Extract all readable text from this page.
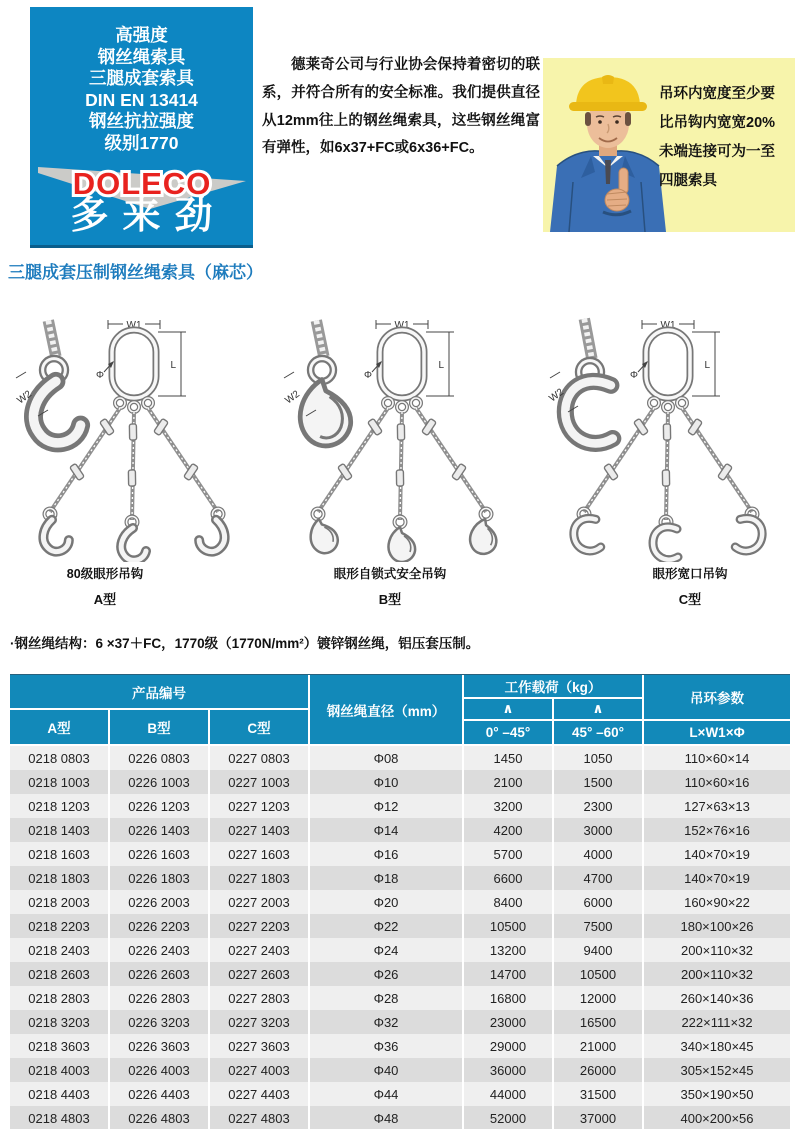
高强度
钢丝绳索具
三腿成套索具
DIN EN 13414
钢丝抗拉强度
级别1770
DOLECO
多来劲

德莱奇公司与行业协会保持着密切的联系，并符合所有的安全标准。我们提供直径从12mm往上的钢丝绳索具，这些钢丝绳富有弹性，如6x37+FC或6x36+FC。

吊环内宽度至少要
比吊钩内宽宽20%
未端连接可为一至
四腿索具
三腿成套压制钢丝绳索具（麻芯）
W2
W1
L
Φ
W2
W1
L
Φ
W2
W1
L
Φ
80级眼形吊钩
A型
眼形自锁式安全吊钩
B型
眼形宽口吊钩
C型

·钢丝绳结构：6 ×37＋FC，1770级（1770N/mm²）镀锌钢丝绳，铝压套压制。

产品编号
A型	B型	C型
钢丝绳直径（mm）
工作载荷（kg）
∧	∧
0° –45°	45° –60°
吊环参数
L×W1×Φ
0218 0803	0226 0803	0227 0803	Φ08	1450	1050	110×60×14
0218 1003	0226 1003	0227 1003	Φ10	2100	1500	110×60×16
0218 1203	0226 1203	0227 1203	Φ12	3200	2300	127×63×13
0218 1403	0226 1403	0227 1403	Φ14	4200	3000	152×76×16
0218 1603	0226 1603	0227 1603	Φ16	5700	4000	140×70×19
0218 1803	0226 1803	0227 1803	Φ18	6600	4700	140×70×19
0218 2003	0226 2003	0227 2003	Φ20	8400	6000	160×90×22
0218 2203	0226 2203	0227 2203	Φ22	10500	7500	180×100×26
0218 2403	0226 2403	0227 2403	Φ24	13200	9400	200×110×32
0218 2603	0226 2603	0227 2603	Φ26	14700	10500	200×110×32
0218 2803	0226 2803	0227 2803	Φ28	16800	12000	260×140×36
0218 3203	0226 3203	0227 3203	Φ32	23000	16500	222×111×32
0218 3603	0226 3603	0227 3603	Φ36	29000	21000	340×180×45
0218 4003	0226 4003	0227 4003	Φ40	36000	26000	305×152×45
0218 4403	0226 4403	0227 4403	Φ44	44000	31500	350×190×50
0218 4803	0226 4803	0227 4803	Φ48	52000	37000	400×200×56
